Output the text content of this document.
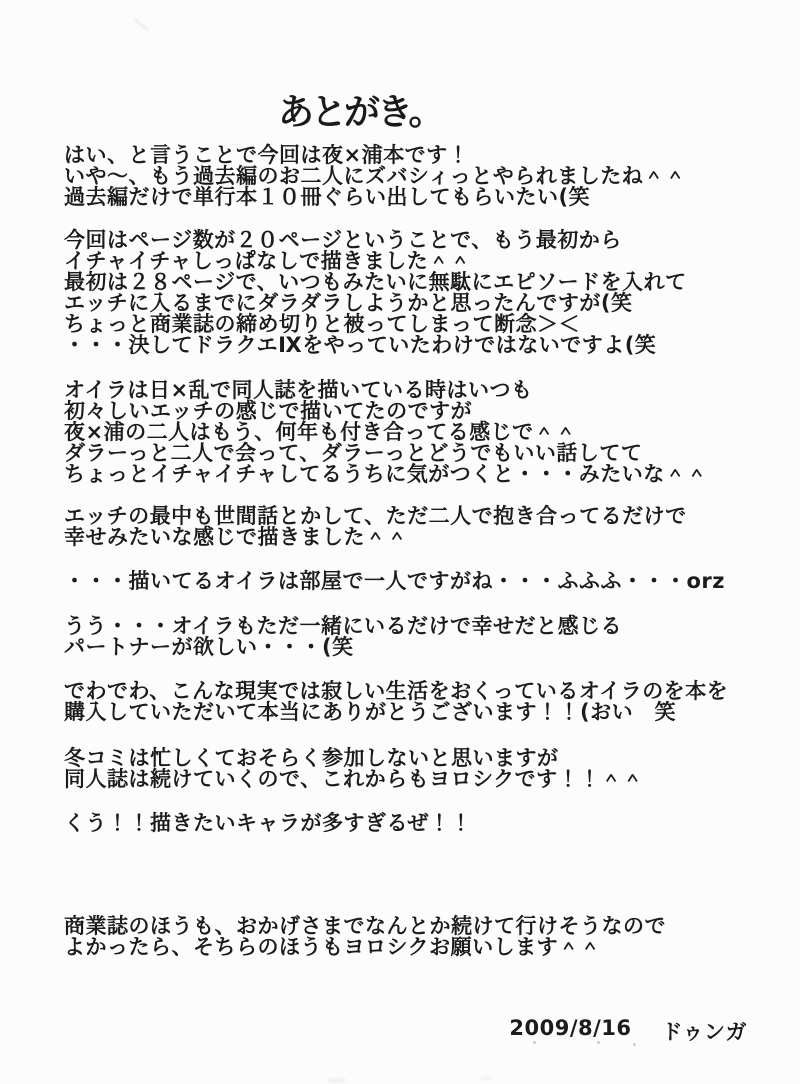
あとがき。
はい、と言うことで今回は夜×浦本です！
いや〜、もう過去編のお二人にズバシィっとやられましたね＾＾
過去編だけで単行本１０冊ぐらい出してもらいたい(笑
今回はページ数が２０ページということで、もう最初から
イチャイチャしっぱなしで描きました＾＾
最初は２８ページで、いつもみたいに無駄にエピソードを入れて
エッチに入るまでにダラダラしようかと思ったんですが(笑
ちょっと商業誌の締め切りと被ってしまって断念＞＜
・・・決してドラクエⅨをやっていたわけではないですよ(笑
オイラは日×乱で同人誌を描いている時はいつも
初々しいエッチの感じで描いてたのですが
夜×浦の二人はもう、何年も付き合ってる感じで＾＾
ダラーっと二人で会って、ダラーっとどうでもいい話してて
ちょっとイチャイチャしてるうちに気がつくと・・・みたいな＾＾
エッチの最中も世間話とかして、ただ二人で抱き合ってるだけで
幸せみたいな感じで描きました＾＾
・・・描いてるオイラは部屋で一人ですがね・・・ふふふ・・・orz
うう・・・オイラもただ一緒にいるだけで幸せだと感じる
パートナーが欲しい・・・(笑
でわでわ、こんな現実では寂しい生活をおくっているオイラのを本を
購入していただいて本当にありがとうございます！！(おい　笑
冬コミは忙しくておそらく参加しないと思いますが
同人誌は続けていくので、これからもヨロシクです！！＾＾
くう！！描きたいキャラが多すぎるぜ！！
商業誌のほうも、おかげさまでなんとか続けて行けそうなので
よかったら、そちらのほうもヨロシクお願いします＾＾
2009/8/16 ドゥンガ
